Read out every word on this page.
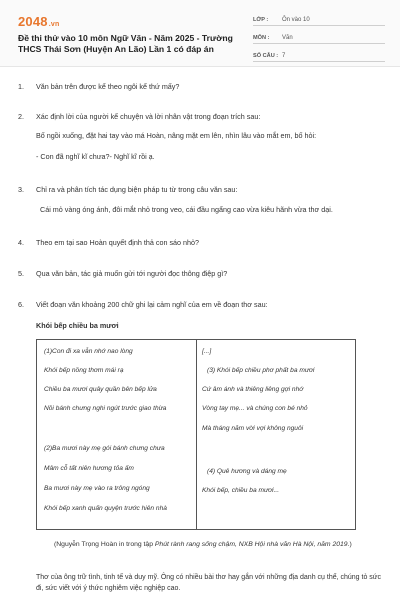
2048.vn
Đề thi thử vào 10 môn Ngữ Văn - Năm 2025 - Trường THCS Thái Sơn (Huyện An Lão) Lần 1 có đáp án
LỚP :	Ôn vào 10
MÔN :	Văn
SỐ CÂU : 7
1.	Văn bản trên được kể theo ngôi kể thứ mấy?
2.	Xác định lời của người kể chuyện và lời nhân vật trong đoạn trích sau:
Bố ngồi xuống, đặt hai tay vào má Hoàn, nâng mặt em lên, nhìn lâu vào mắt em, bố hỏi:
- Con đã nghĩ kĩ chưa?- Nghĩ kĩ rồi ạ.
3.	Chỉ ra và phân tích tác dụng biện pháp tu từ trong câu văn sau:
Cái mỏ vàng óng ánh, đôi mắt nhỏ trong veo, cái đầu ngẩng cao vừa kiêu hãnh vừa thơ dại.
4.	Theo em tại sao Hoàn quyết định thả con sáo nhỏ?
5.	Qua văn bản, tác giả muốn gửi tới người đọc thông điệp gì?
6.	Viết đoạn văn khoảng 200 chữ ghi lại cảm nghĩ của em về đoạn thơ sau:
Khói bếp chiều ba mươi
(1)Con đi xa vẫn nhớ nao lòng
Khói bếp nồng thơm mái rạ
Chiều ba mươi quây quần bên bếp lửa
Nồi bánh chưng nghi ngút trước giao thừa
(2)Ba mươi này mẹ gói bánh chưng chưa
Mâm cỗ tất niên hương tỏa ấm
Ba mươi này mẹ vào ra trông ngóng
Khói bếp xanh quấn quyện trước hiên nhà
[...]
(3) Khói bếp chiều phơ phất ba mươi
Cứ âm ánh và thiêng liêng gợi nhớ
Vòng tay mẹ... và chúng con bé nhỏ
Mà tháng năm vời vợi không nguôi
(4) Quê hương và dáng mẹ
Khói bếp, chiều ba mươi...
(Nguyễn Trọng Hoàn in trong tập Phút rành rang sống chậm, NXB Hội nhà văn Hà Nội, năm 2019.)
Thơ của ông trữ tình, tinh tế và duy mỹ. Ông có nhiều bài thơ hay gắn với những địa danh cụ thể, chúng tỏ sức đi, sức viết với ý thức nghiêm việc nghiệp cao.
